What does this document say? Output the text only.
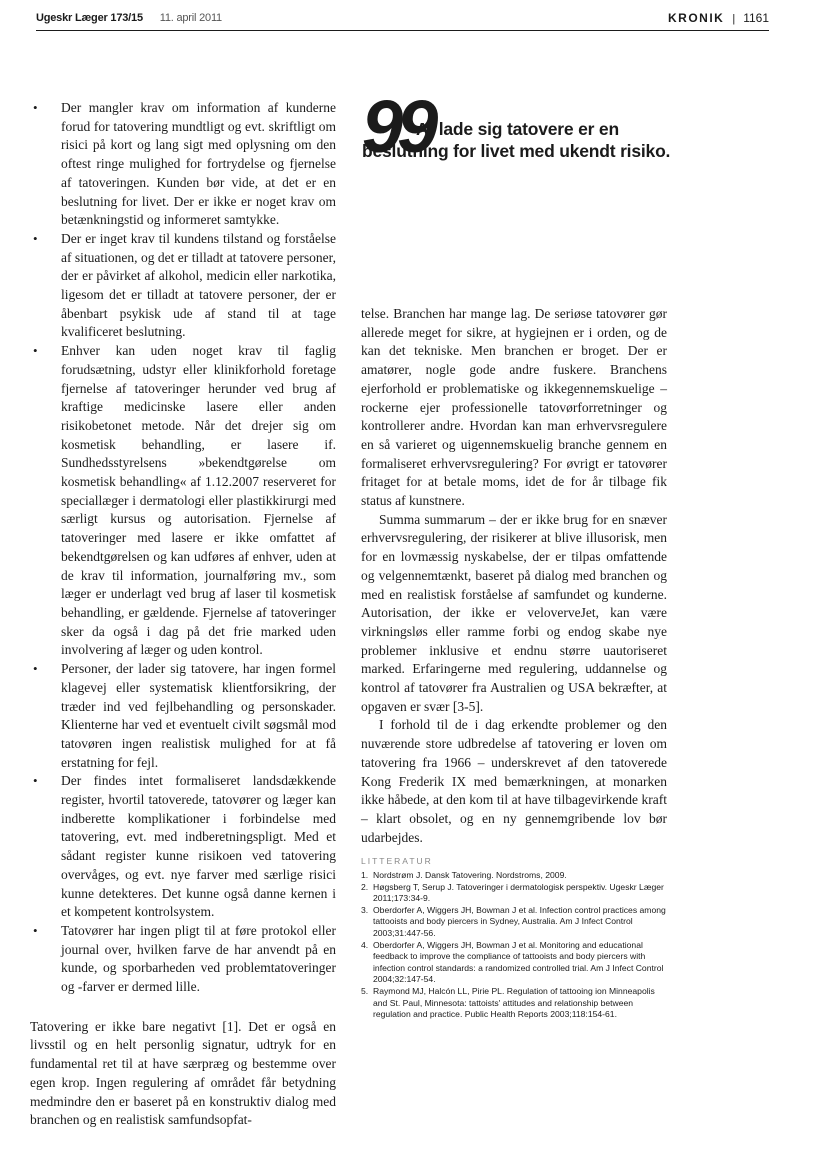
Ugeskr Læger 173/15 11. april 2011	KRONIK | 1161
• Der mangler krav om information af kunderne forud for tatovering mundtligt og evt. skriftligt om risici på kort og lang sigt med oplysning om den oftest ringe mulighed for fortrydelse og fjernelse af tatoveringen. Kunden bør vide, at det er en beslutning for livet. Der er ikke er noget krav om betænkningstid og informeret samtykke.
• Der er inget krav til kundens tilstand og forståelse af situationen, og det er tilladt at tatovere personer, der er påvirket af alkohol, medicin eller narkotika, ligesom det er tilladt at tatovere personer, der er åbenbart psykisk ude af stand til at tage kvalificeret beslutning.
• Enhver kan uden noget krav til faglig forudsætning, udstyr eller klinikforhold foretage fjernelse af tatoveringer herunder ved brug af kraftige medicinske lasere eller anden risikobetonet metode. Når det drejer sig om kosmetisk behandling, er lasere if. Sundhedsstyrelsens »bekendtgørelse om kosmetisk behandling« af 1.12.2007 reserveret for speciallæger i dermatologi eller plastikkirurgi med særligt kursus og autorisation. Fjernelse af tatoveringer med lasere er ikke omfattet af bekendtgørelsen og kan udføres af enhver, uden at de krav til information, journalføring mv., som læger er underlagt ved brug af laser til kosmetisk behandling, er gældende. Fjernelse af tatoveringer sker da også i dag på det frie marked uden involvering af læger og uden kontrol.
• Personer, der lader sig tatovere, har ingen formel klagevej eller systematisk klientforsikring, der træder ind ved fejlbehandling og personskader. Klienterne har ved et eventuelt civilt søgsmål mod tatovøren ingen realistisk mulighed for at få erstatning for fejl.
• Der findes intet formaliseret landsdækkende register, hvortil tatoverede, tatovører og læger kan indberette komplikationer i forbindelse med tatovering, evt. med indberetningspligt. Med et sådant register kunne risikoen ved tatovering overvåges, og evt. nye farver med særlige risici kunne detekteres. Det kunne også danne kernen i et kompetent kontrolsystem.
• Tatovører har ingen pligt til at føre protokol eller journal over, hvilken farve de har anvendt på en kunde, og sporbarheden ved problemtatoveringer og -farver er dermed lille.

Tatovering er ikke bare negativt [1]. Det er også en livsstil og en helt personlig signatur, udtryk for en fundamental ret til at have særpræg og bestemme over egen krop. Ingen regulering af området får betydning medmindre den er baseret på en konstruktiv dialog med branchen og en realistisk samfundsopfat-

99
At lade sig tatovere er en
beslutning for livet med ukendt risiko.

telse. Branchen har mange lag. De seriøse tatovører gør allerede meget for sikre, at hygiejnen er i orden, og de kan det tekniske. Men branchen er broget. Der er amatører, nogle gode andre fuskere. Branchens ejerforhold er problematiske og ikkegennemskuelige – rockerne ejer professionelle tatovørforretninger og kontrollerer andre. Hvordan kan man erhvervsregulere en så varieret og uigennemskuelig branche gennem en formaliseret erhvervsregulering? For øvrigt er tatovører fritaget for at betale moms, idet de for år tilbage fik status af kunstnere.

Summa summarum – der er ikke brug for en snæver erhvervsregulering, der risikerer at blive illusorisk, men for en lovmæssig nyskabelse, der er tilpas omfattende og velgennemtænkt, baseret på dialog med branchen og med en realistisk forståelse af samfundet og kunderne. Autorisation, der ikke er veloverveJet, kan være virkningsløs eller ramme forbi og endog skabe nye problemer inklusive et endnu større uautoriseret marked. Erfaringerne med regulering, uddannelse og kontrol af tatovører fra Australien og USA bekræfter, at opgaven er svær [3-5].

I forhold til de i dag erkendte problemer og den nuværende store udbredelse af tatovering er loven om tatovering fra 1966 – underskrevet af den tatoverede Kong Frederik IX med bemærkningen, at monarken ikke håbede, at den kom til at have tilbagevirkende kraft – klart obsolet, og en ny gennemgribende lov bør udarbejdes.

LITTERATUR
1. Nordstrøm J. Dansk Tatovering. Nordstroms, 2009.
2. Høgsberg T, Serup J. Tatoveringer i dermatologisk perspektiv. Ugeskr Læger 2011;173:34-9.
3. Oberdorfer A, Wiggers JH, Bowman J et al. Infection control practices among tattooists and body piercers in Sydney, Australia. Am J Infect Control 2003;31:447-56.
4. Oberdorfer A, Wiggers JH, Bowman J et al. Monitoring and educational feedback to improve the compliance of tattooists and body piercers with infection control standards: a randomized controlled trial. Am J Infect Control 2004;32:147-54.
5. Raymond MJ, Halcón LL, Pirie PL. Regulation of tattooing ion Minneapolis and St. Paul, Minnesota: tattoists' attitudes and relationship between regulation and practice. Public Health Reports 2003;118:154-61.
